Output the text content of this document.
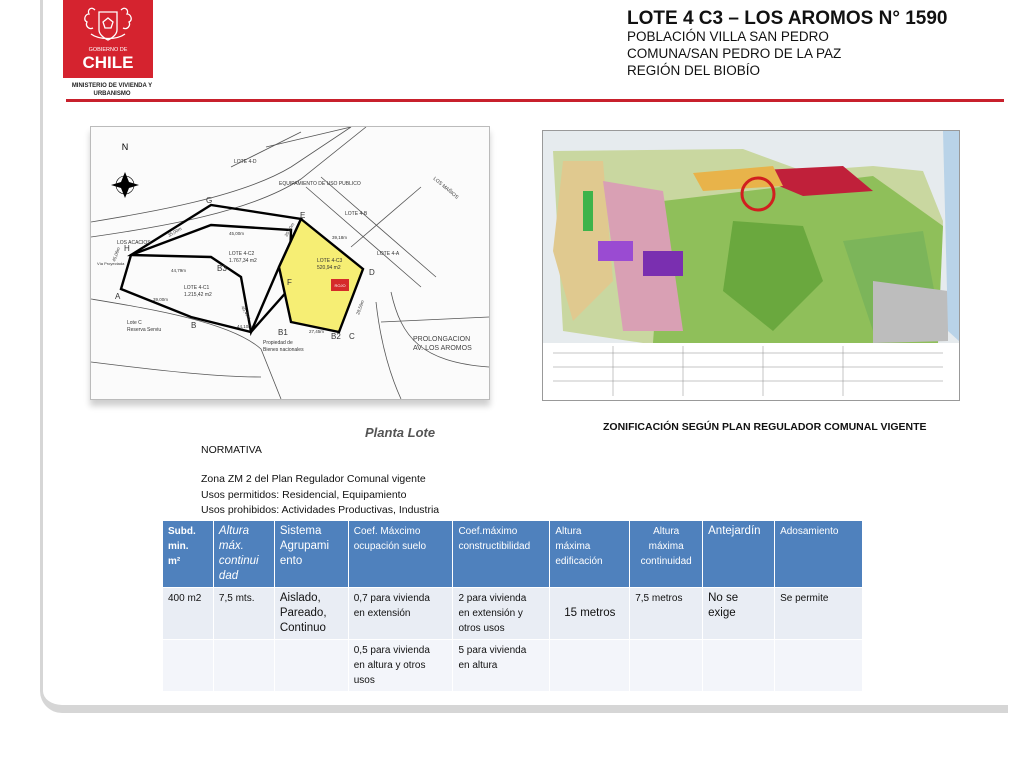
GOBIERNO DE
CHILE
MINISTERIO DE VIVIENDA Y URBANISMO
LOTE 4 C3 – LOS AROMOS N° 1590
POBLACIÓN VILLA SAN PEDRO
COMUNA/SAN PEDRO DE LA PAZ
REGIÓN DEL BIOBÍO
ROJO
N
LOTE 4-D
EQUIPAMIENTO DE USO PUBLICO	LOS MAÑIOS
LOS ACACIOS
LOTE 4-B
LOTE 4-A
LOTE 4-C2
1.767,34 m2	LOTE 4-C3
520,94 m2
LOTE 4-C1
1.215,42 m2
Lote C
Reserva Serviu
Propiedad de
Bienes nacionales
Vía Proyectada
44,79m
39,00m
44,10m
27,45m
39,18m
20,00m
28,50m
40,45m
35,00m	45,00m
45,06m
PROLONGACION
AV. LOS AROMOS
G
H
A
B
B1	B2
B3
C
D
E
F
Planta Lote	ZONIFICACIÓN SEGÚN PLAN REGULADOR COMUNAL VIGENTE
NORMATIVA
Zona ZM 2 del Plan Regulador Comunal vigente
Usos permitidos: Residencial, Equipamiento
Usos prohibidos: Actividades Productivas, Industria
Subd.
min.
m²	Altura
máx.
continui
dad	Sistema
Agrupami
ento	Coef. Máxcimo
ocupación suelo	Coef.máximo
constructibilidad	Altura
máxima
edificación	Altura
máxima
continuidad	Antejardín	Adosamiento
400 m2	7,5 mts.	Aislado,
Pareado,
Continuo	0,7 para vivienda
en extensión	2 para vivienda
en extensión y
otros usos	15 metros	7,5 metros	No se
exige	Se permite
			0,5 para vivienda
en altura y otros
usos	5 para vivienda
en altura				
